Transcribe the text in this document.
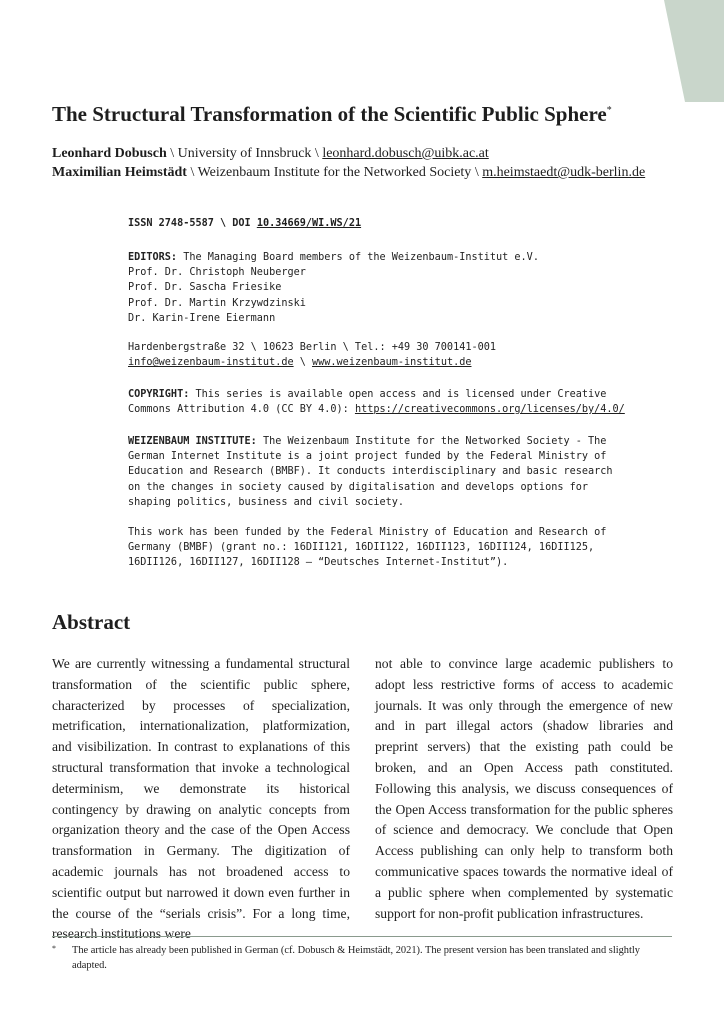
The Structural Transformation of the Scientific Public Sphere*
Leonhard Dobusch \ University of Innsbruck \ leonhard.dobusch@uibk.ac.at
Maximilian Heimstädt \ Weizenbaum Institute for the Networked Society \ m.heimstaedt@udk-berlin.de
ISSN 2748-5587 \ DOI 10.34669/WI.WS/21
EDITORS: The Managing Board members of the Weizenbaum-Institut e.V.
Prof. Dr. Christoph Neuberger
Prof. Dr. Sascha Friesike
Prof. Dr. Martin Krzywdzinski
Dr. Karin-Irene Eiermann
Hardenbergstraße 32 \ 10623 Berlin \ Tel.: +49 30 700141-001
info@weizenbaum-institut.de \ www.weizenbaum-institut.de
COPYRIGHT: This series is available open access and is licensed under Creative
Commons Attribution 4.0 (CC BY 4.0): https://creativecommons.org/licenses/by/4.0/
WEIZENBAUM INSTITUTE: The Weizenbaum Institute for the Networked Society - The
German Internet Institute is a joint project funded by the Federal Ministry of
Education and Research (BMBF). It conducts interdisciplinary and basic research
on the changes in society caused by digitalisation and develops options for
shaping politics, business and civil society.
This work has been funded by the Federal Ministry of Education and Research of
Germany (BMBF) (grant no.: 16DII121, 16DII122, 16DII123, 16DII124, 16DII125,
16DII126, 16DII127, 16DII128 – “Deutsches Internet-Institut”).
Abstract

We are currently witnessing a fundamental structural transformation of the scientific public sphere, characterized by processes of specialization, metrification, internationalization, platformization, and visibilization. In contrast to explanations of this structural transformation that invoke a technological determinism, we demonstrate its historical contingency by drawing on analytic concepts from organization theory and the case of the Open Access transformation in Germany. The digitization of academic journals has not broadened access to scientific output but narrowed it down even further in the course of the “serials crisis”. For a long time, research institutions were

not able to convince large academic publishers to adopt less restrictive forms of access to academic journals. It was only through the emergence of new and in part illegal actors (shadow libraries and preprint servers) that the existing path could be broken, and an Open Access path constituted. Following this analysis, we discuss consequences of the Open Access transformation for the public spheres of science and democracy. We conclude that Open Access publishing can only help to transform both communicative spaces towards the normative ideal of a public sphere when complemented by systematic support for non-profit publication infrastructures.

* The article has already been published in German (cf. Dobusch & Heimstädt, 2021). The present version has been translated and slightly adapted.
